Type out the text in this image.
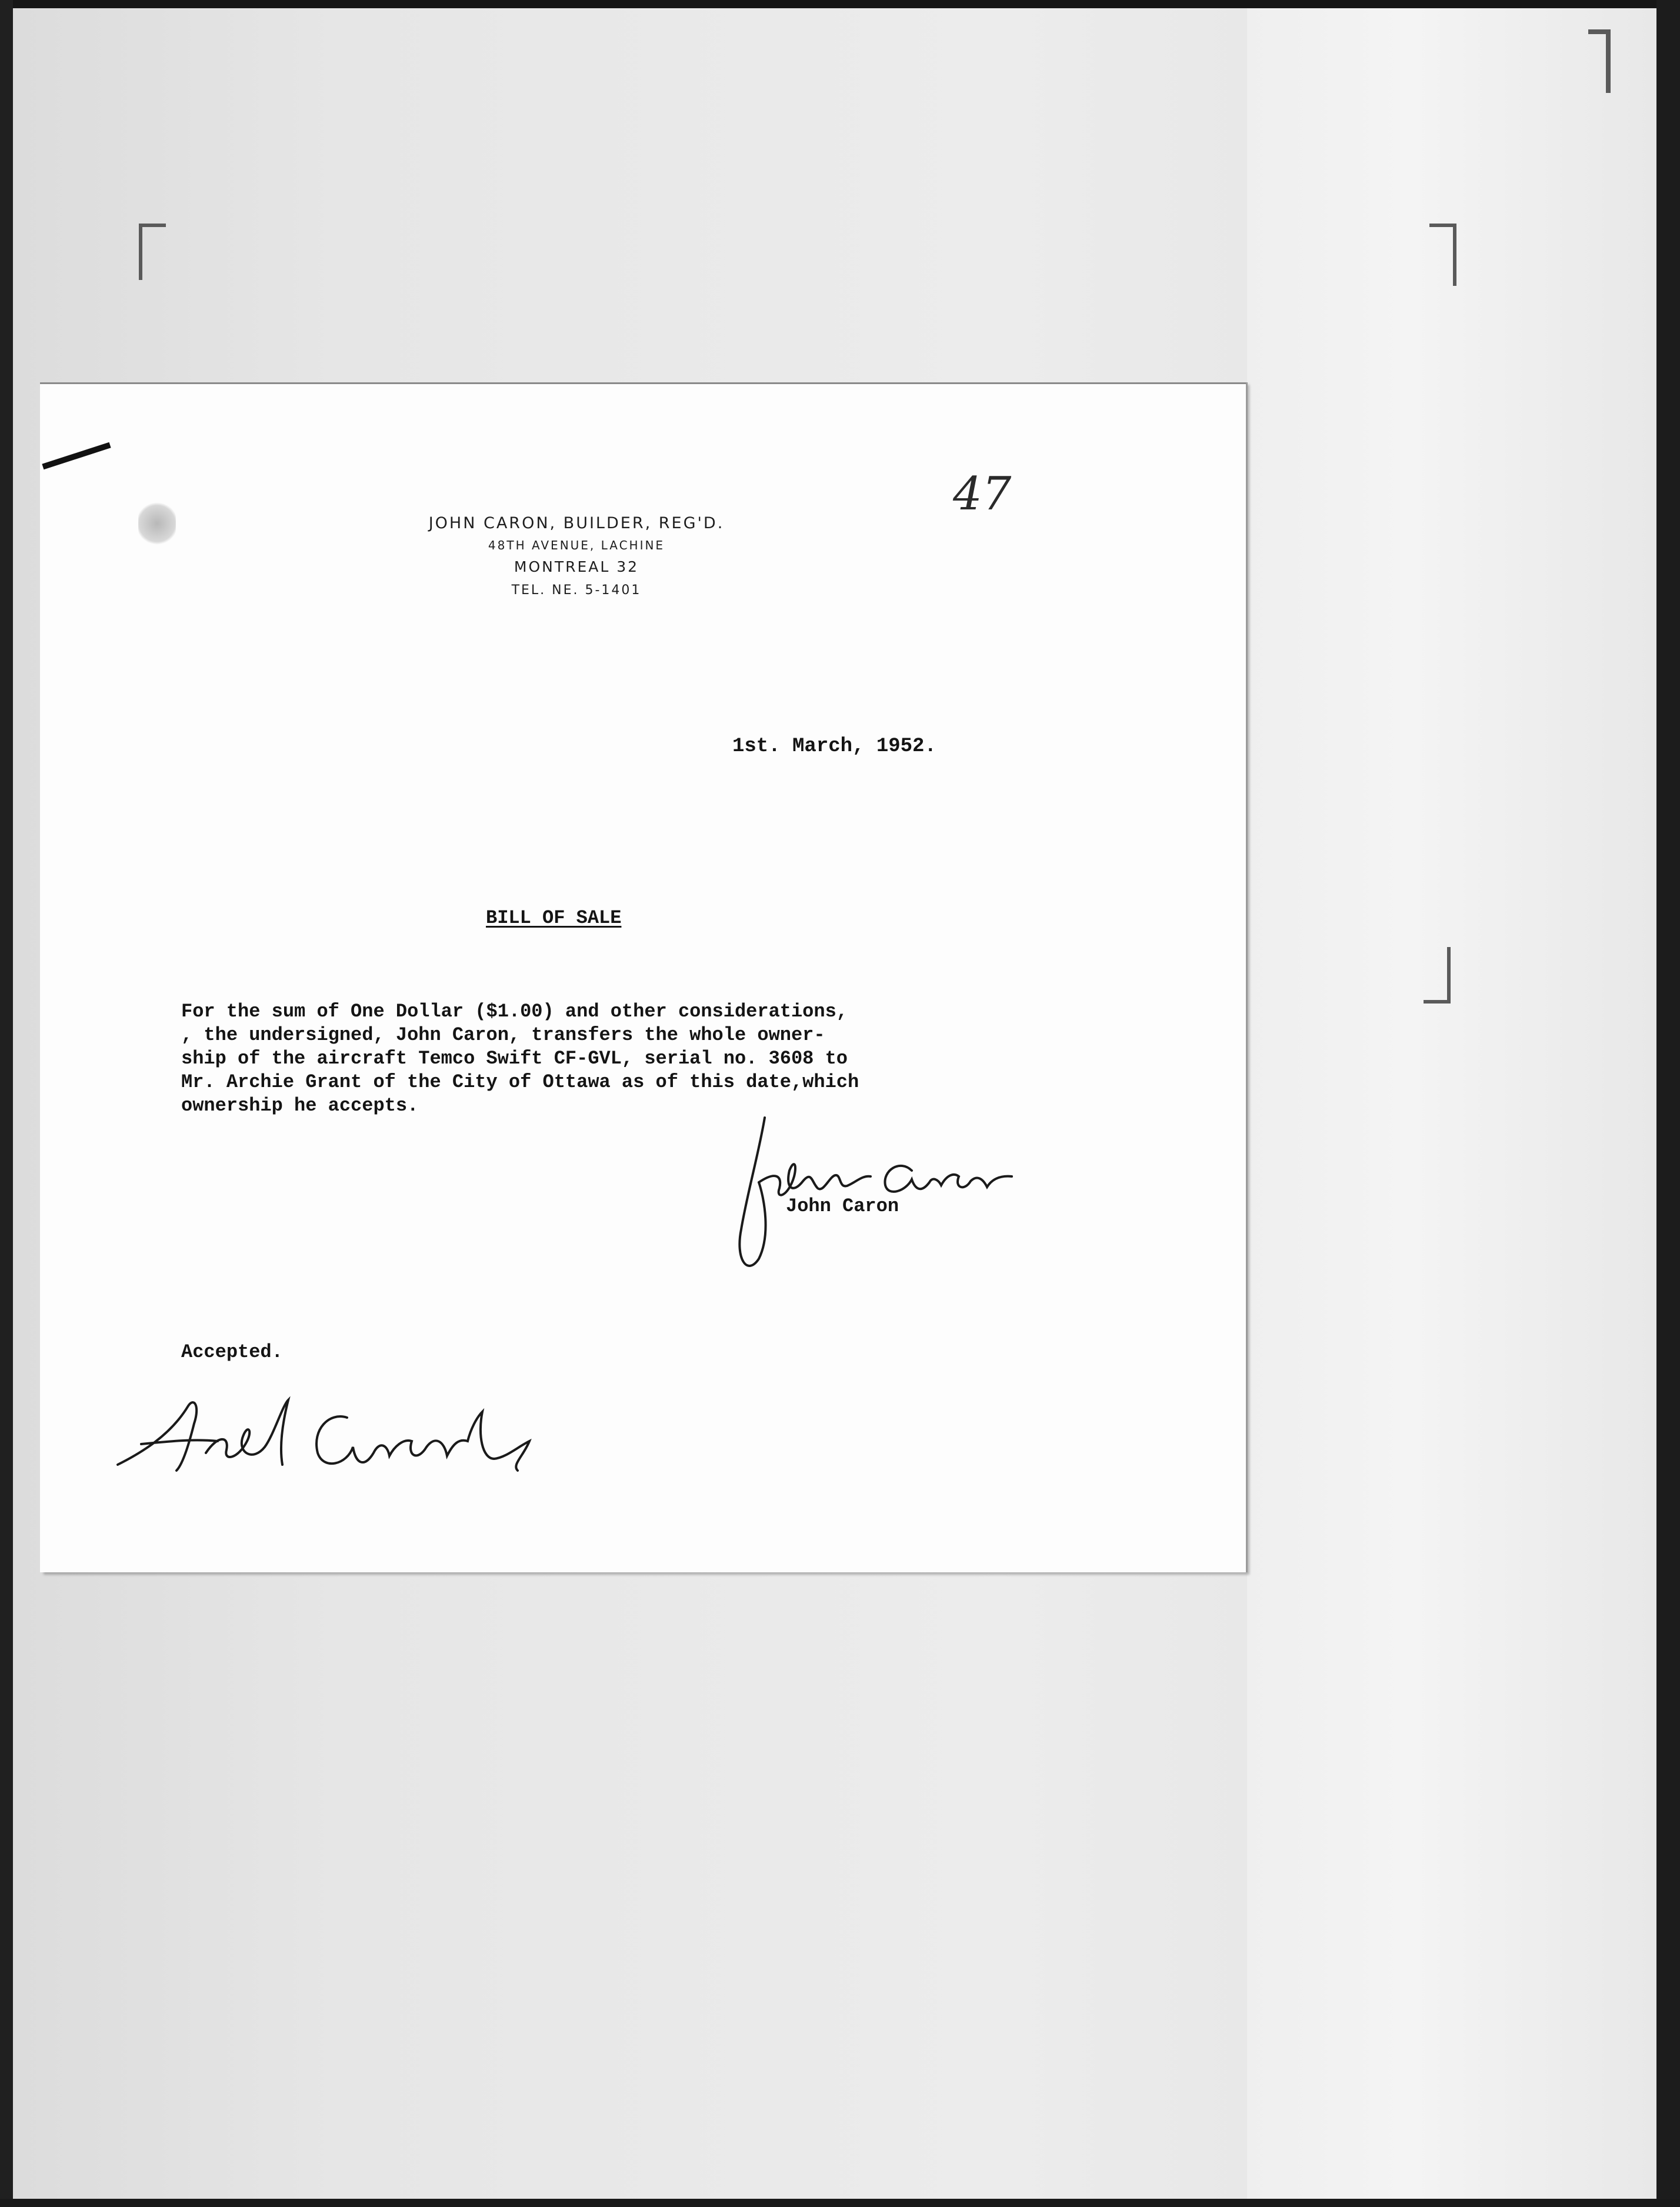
JOHN CARON, BUILDER, REG'D.
48TH AVENUE, LACHINE
MONTREAL 32
TEL. NE. 5-1401
47
1st. March, 1952.
BILL OF SALE
For the sum of One Dollar ($1.00) and other considerations,
, the undersigned, John Caron, transfers the whole owner-
ship of the aircraft Temco Swift CF-GVL, serial no. 3608 to
Mr. Archie Grant of the City of Ottawa as of this date,which
ownership he accepts.
John Caron
Accepted.
